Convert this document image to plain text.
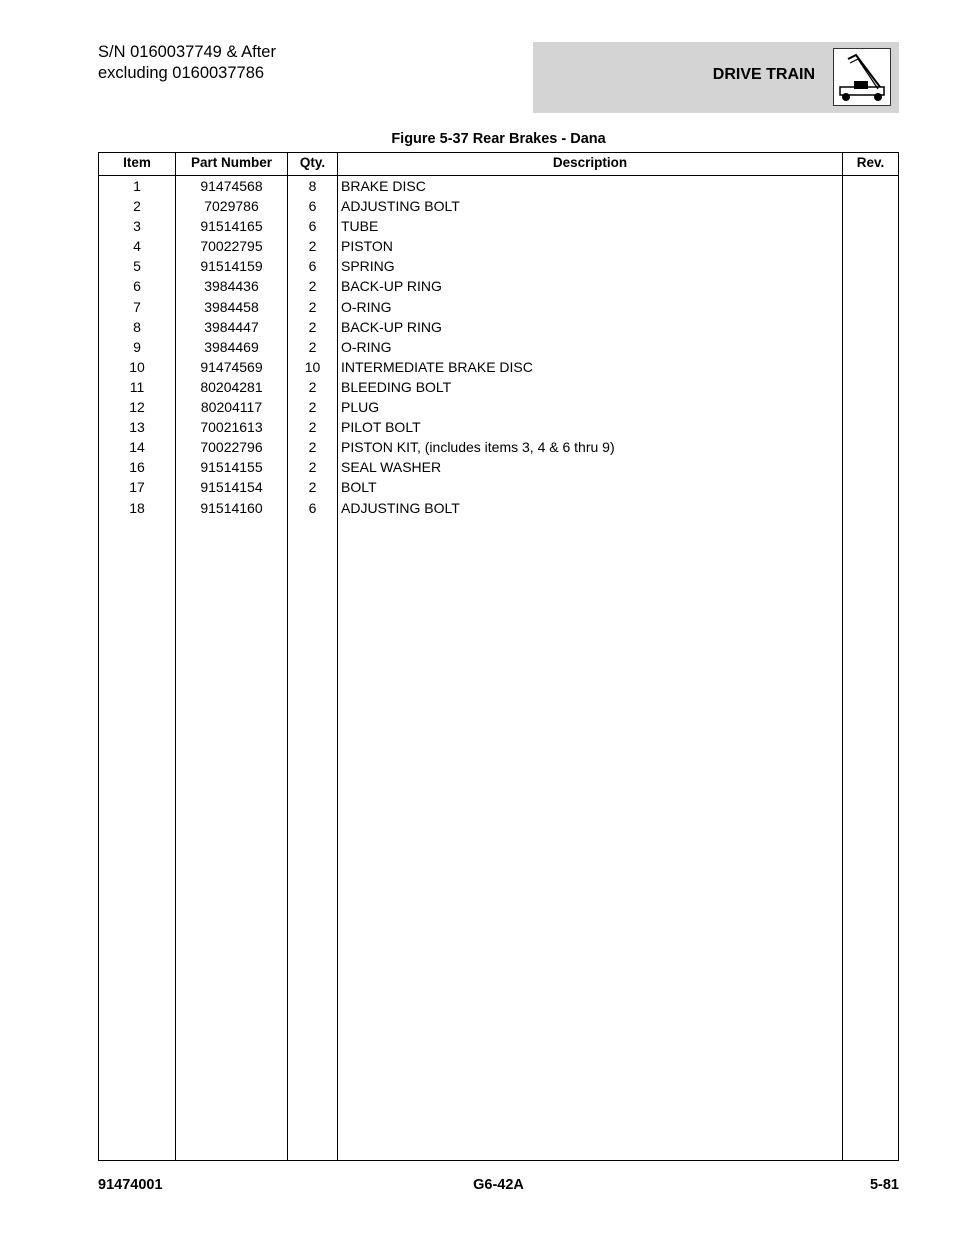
S/N 0160037749 & After
excluding 0160037786	DRIVE TRAIN
Figure 5-37 Rear Brakes - Dana
Item	Part Number	Qty.	Description	Rev.
1	91474568	8	BRAKE DISC
2	7029786	6	ADJUSTING BOLT
3	91514165	6	TUBE
4	70022795	2	PISTON
5	91514159	6	SPRING
6	3984436	2	BACK-UP RING
7	3984458	2	O-RING
8	3984447	2	BACK-UP RING
9	3984469	2	O-RING
10	91474569	10	INTERMEDIATE BRAKE DISC
11	80204281	2	BLEEDING BOLT
12	80204117	2	PLUG
13	70021613	2	PILOT BOLT
14	70022796	2	PISTON KIT, (includes items 3, 4 & 6 thru 9)
16	91514155	2	SEAL WASHER
17	91514154	2	BOLT
18	91514160	6	ADJUSTING BOLT
91474001	G6-42A	5-81
